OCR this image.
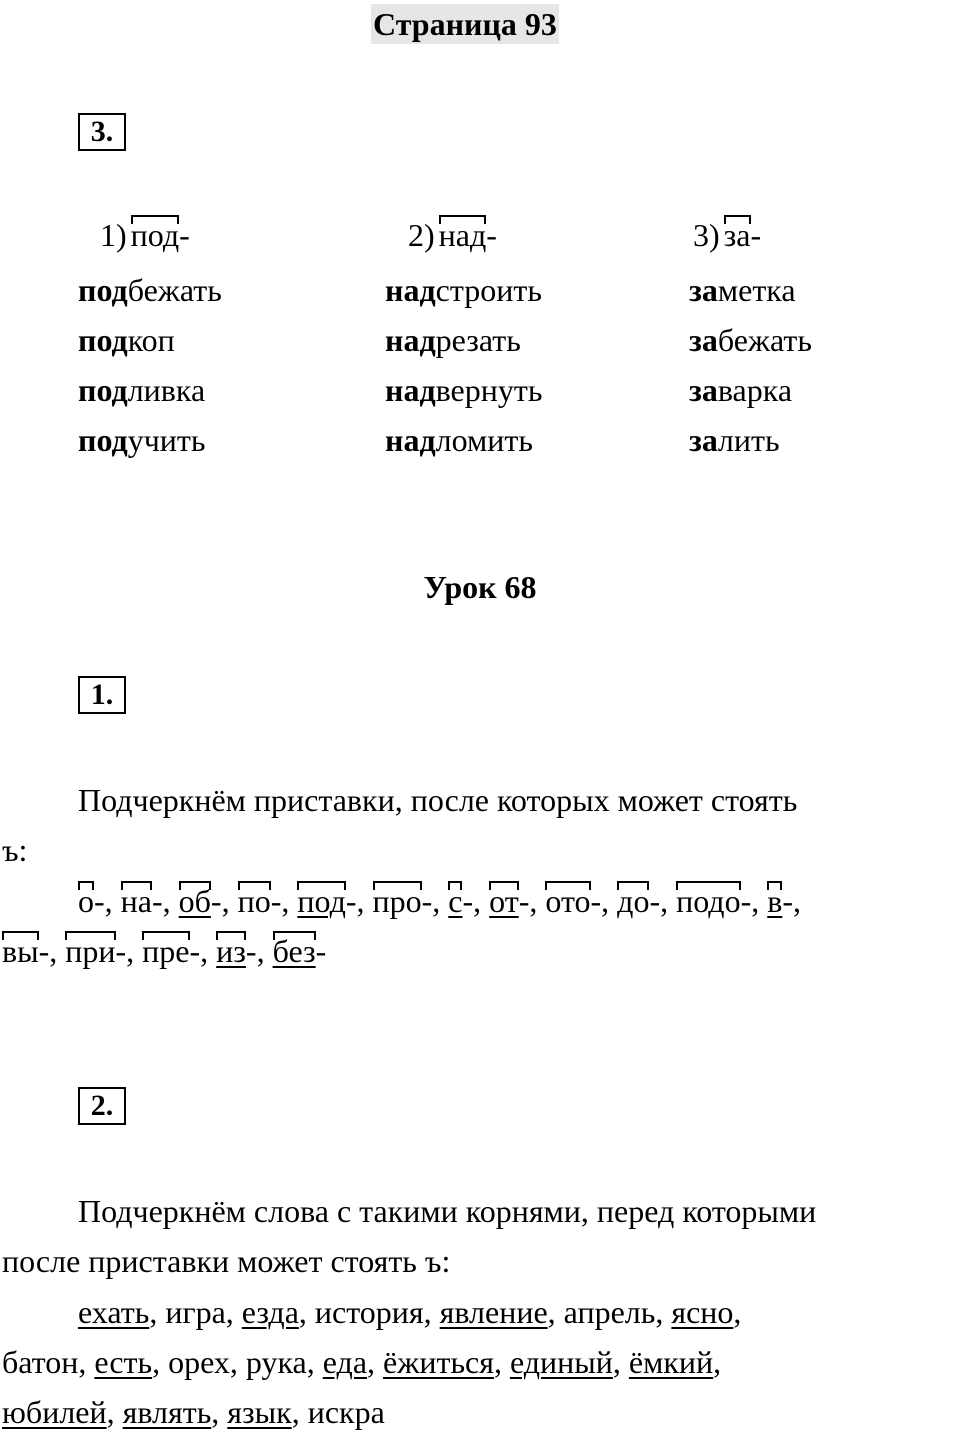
Страница 93
3.
1) под-	2) над-	3) за-
подбежать
подкоп
подливка
подучить
надстроить
надрезать
надвернуть
надломить
заметка
забежать
заварка
залить
Урок 68
1.
Подчеркнём приставки, после которых может стоять
ъ:
о-, на-, об-, по-, под-, про-, с-, от-, ото-, до-, подо-, в-,
вы-, при-, пре-, из-, без-
2.
Подчеркнём слова с такими корнями, перед которыми
после приставки может стоять ъ:
ехать, игра, езда, история, явление, апрель, ясно,
батон, есть, орех, рука, еда, ёжиться, единый, ёмкий,
юбилей, являть, язык, искра
